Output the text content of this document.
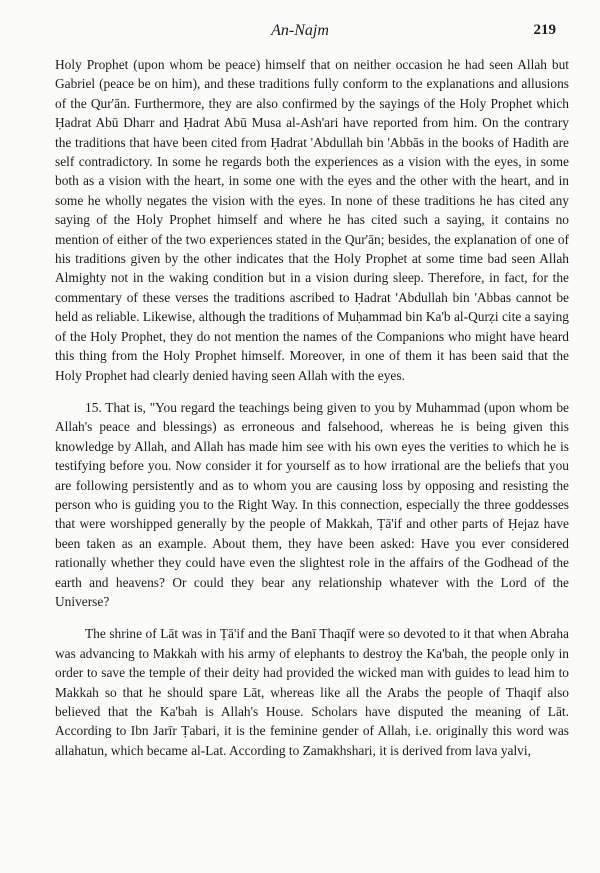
An-Najm	219

Holy Prophet (upon whom be peace) himself that on neither occasion he had seen Allah but Gabriel (peace be on him), and these traditions fully conform to the explanations and allusions of the Qur'ān. Furthermore, they are also confirmed by the sayings of the Holy Prophet which Ḥadrat Abū Dharr and Ḥadrat Abū Musa al-Ash'ari have reported from him. On the contrary the traditions that have been cited from Ḥadrat 'Abdullah bin 'Abbās in the books of Hadith are self contradictory. In some he regards both the experiences as a vision with the eyes, in some both as a vision with the heart, in some one with the eyes and the other with the heart, and in some he wholly negates the vision with the eyes. In none of these traditions he has cited any saying of the Holy Prophet himself and where he has cited such a saying, it contains no mention of either of the two experiences stated in the Qur'ān; besides, the explanation of one of his traditions given by the other indicates that the Holy Prophet at some time bad seen Allah Almighty not in the waking condition but in a vision during sleep. Therefore, in fact, for the commentary of these verses the traditions ascribed to Ḥadrat 'Abdullah bin 'Abbas cannot be held as reliable. Likewise, although the traditions of Muḥammad bin Ka'b al-Qurẓi cite a saying of the Holy Prophet, they do not mention the names of the Companions who might have heard this thing from the Holy Prophet himself. Moreover, in one of them it has been said that the Holy Prophet had clearly denied having seen Allah with the eyes.

15. That is, "You regard the teachings being given to you by Muhammad (upon whom be Allah's peace and blessings) as erroneous and falsehood, whereas he is being given this knowledge by Allah, and Allah has made him see with his own eyes the verities to which he is testifying before you. Now consider it for yourself as to how irrational are the beliefs that you are following persistently and as to whom you are causing loss by opposing and resisting the person who is guiding you to the Right Way. In this connection, especially the three goddesses that were worshipped generally by the people of Makkah, Ṭā'if and other parts of Ḥejaz have been taken as an example. About them, they have been asked: Have you ever considered rationally whether they could have even the slightest role in the affairs of the Godhead of the earth and heavens? Or could they bear any relationship whatever with the Lord of the Universe?

The shrine of Lāt was in Ṭā'if and the Banī Thaqīf were so devoted to it that when Abraha was advancing to Makkah with his army of elephants to destroy the Ka'bah, the people only in order to save the temple of their deity had provided the wicked man with guides to lead him to Makkah so that he should spare Lāt, whereas like all the Arabs the people of Thaqif also believed that the Ka'bah is Allah's House. Scholars have disputed the meaning of Lāt. According to Ibn Jarīr Ṭabari, it is the feminine gender of Allah, i.e. originally this word was allahatun, which became al-Lat. According to Zamakhshari, it is derived from lava yalvi,
